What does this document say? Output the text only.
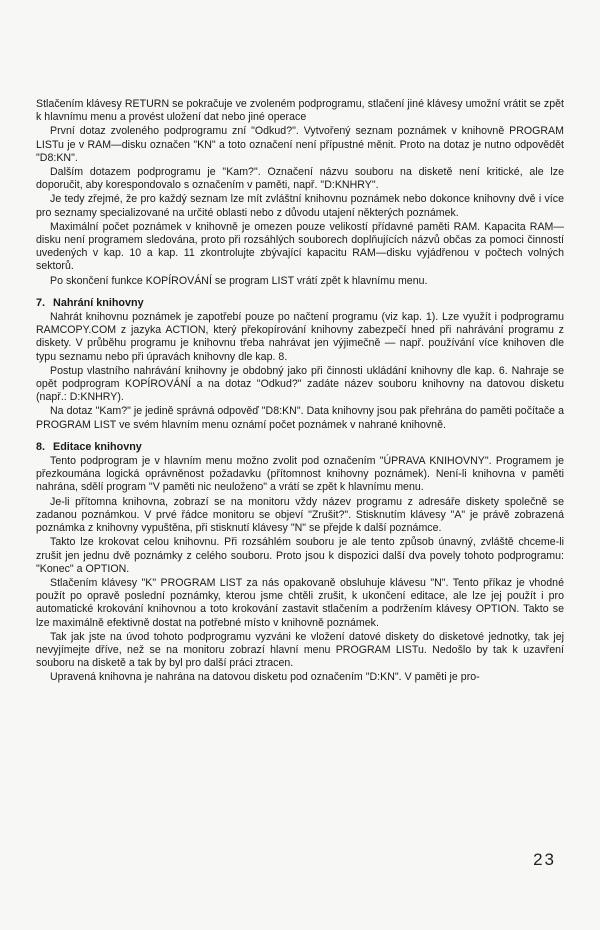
Stlačením klávesy RETURN se pokračuje ve zvoleném podprogramu, stlačení jiné klávesy umožní vrátit se zpět k hlavnímu menu a provést uložení dat nebo jiné operace

První dotaz zvoleného podprogramu zní "Odkud?". Vytvořený seznam poznámek v knihovně PROGRAM LISTu je v RAM—disku označen "KN" a toto označení není přípustné měnit. Proto na dotaz je nutno odpovědět "D8:KN".

Dalším dotazem podprogramu je "Kam?". Označení názvu souboru na disketě není kritické, ale lze doporučit, aby korespondovalo s označením v paměti, např. "D:KNHRY".

Je tedy zřejmé, že pro každý seznam lze mít zvláštní knihovnu poznámek nebo dokonce knihovny dvě i více pro seznamy specializované na určité oblasti nebo z důvodu utajení některých poznámek.

Maximální počet poznámek v knihovně je omezen pouze velikostí přídavné paměti RAM. Kapacita RAM—disku není programem sledována, proto při rozsáhlých souborech doplňujících názvů občas za pomoci činností uvedených v kap. 10 a kap. 11 zkontrolujte zbývající kapacitu RAM—disku vyjádřenou v počtech volných sektorů.

Po skončení funkce KOPÍROVÁNÍ se program LIST vrátí zpět k hlavnímu menu.

7. Nahrání knihovny

Nahrát knihovnu poznámek je zapotřebí pouze po načtení programu (viz kap. 1). Lze využít i podprogramu RAMCOPY.COM z jazyka ACTION, který překopírování knihovny zabezpečí hned při nahrávání programu z diskety. V průběhu programu je knihovnu třeba nahrávat jen výjimečně — např. používání více knihoven dle typu seznamu nebo při úpravách knihovny dle kap. 8.

Postup vlastního nahrávání knihovny je obdobný jako při činnosti ukládání knihovny dle kap. 6. Nahraje se opět podprogram KOPÍROVÁNÍ a na dotaz "Odkud?" zadáte název souboru knihovny na datovou disketu (např.: D:KNHRY).

Na dotaz "Kam?" je jedině správná odpověď "D8:KN". Data knihovny jsou pak přehrána do paměti počítače a PROGRAM LIST ve svém hlavním menu oznámí počet poznámek v nahrané knihovně.

8. Editace knihovny

Tento podprogram je v hlavním menu možno zvolit pod označením "ÚPRAVA KNIHOVNY". Programem je přezkoumána logická oprávněnost požadavku (přítomnost knihovny poznámek). Není-li knihovna v paměti nahrána, sdělí program "V paměti nic neuloženo" a vrátí se zpět k hlavnímu menu.

Je-li přítomna knihovna, zobrazí se na monitoru vždy název programu z adresáře diskety společně se zadanou poznámkou. V prvé řádce monitoru se objeví "Zrušit?". Stisknutím klávesy "A" je právě zobrazená poznámka z knihovny vypuštěna, při stisknutí klávesy "N" se přejde k další poznámce.

Takto lze krokovat celou knihovnu. Při rozsáhlém souboru je ale tento způsob únavný, zvláště chceme-li zrušit jen jednu dvě poznámky z celého souboru. Proto jsou k dispozici další dva povely tohoto podprogramu: "Konec" a OPTION.

Stlačením klávesy "K" PROGRAM LIST za nás opakovaně obsluhuje klávesu "N". Tento příkaz je vhodné použít po opravě poslední poznámky, kterou jsme chtěli zrušit, k ukončení editace, ale lze jej použít i pro automatické krokování knihovnou a toto krokování zastavit stlačením a podržením klávesy OPTION. Takto se lze maximálně efektivně dostat na potřebné místo v knihovně poznámek.

Tak jak jste na úvod tohoto podprogramu vyzváni ke vložení datové diskety do disketové jednotky, tak jej nevyjímejte dříve, než se na monitoru zobrazí hlavní menu PROGRAM LISTu. Nedošlo by tak k uzavření souboru na disketě a tak by byl pro další práci ztracen.

Upravená knihovna je nahrána na datovou disketu pod označením "D:KN". V paměti je pro-

23
